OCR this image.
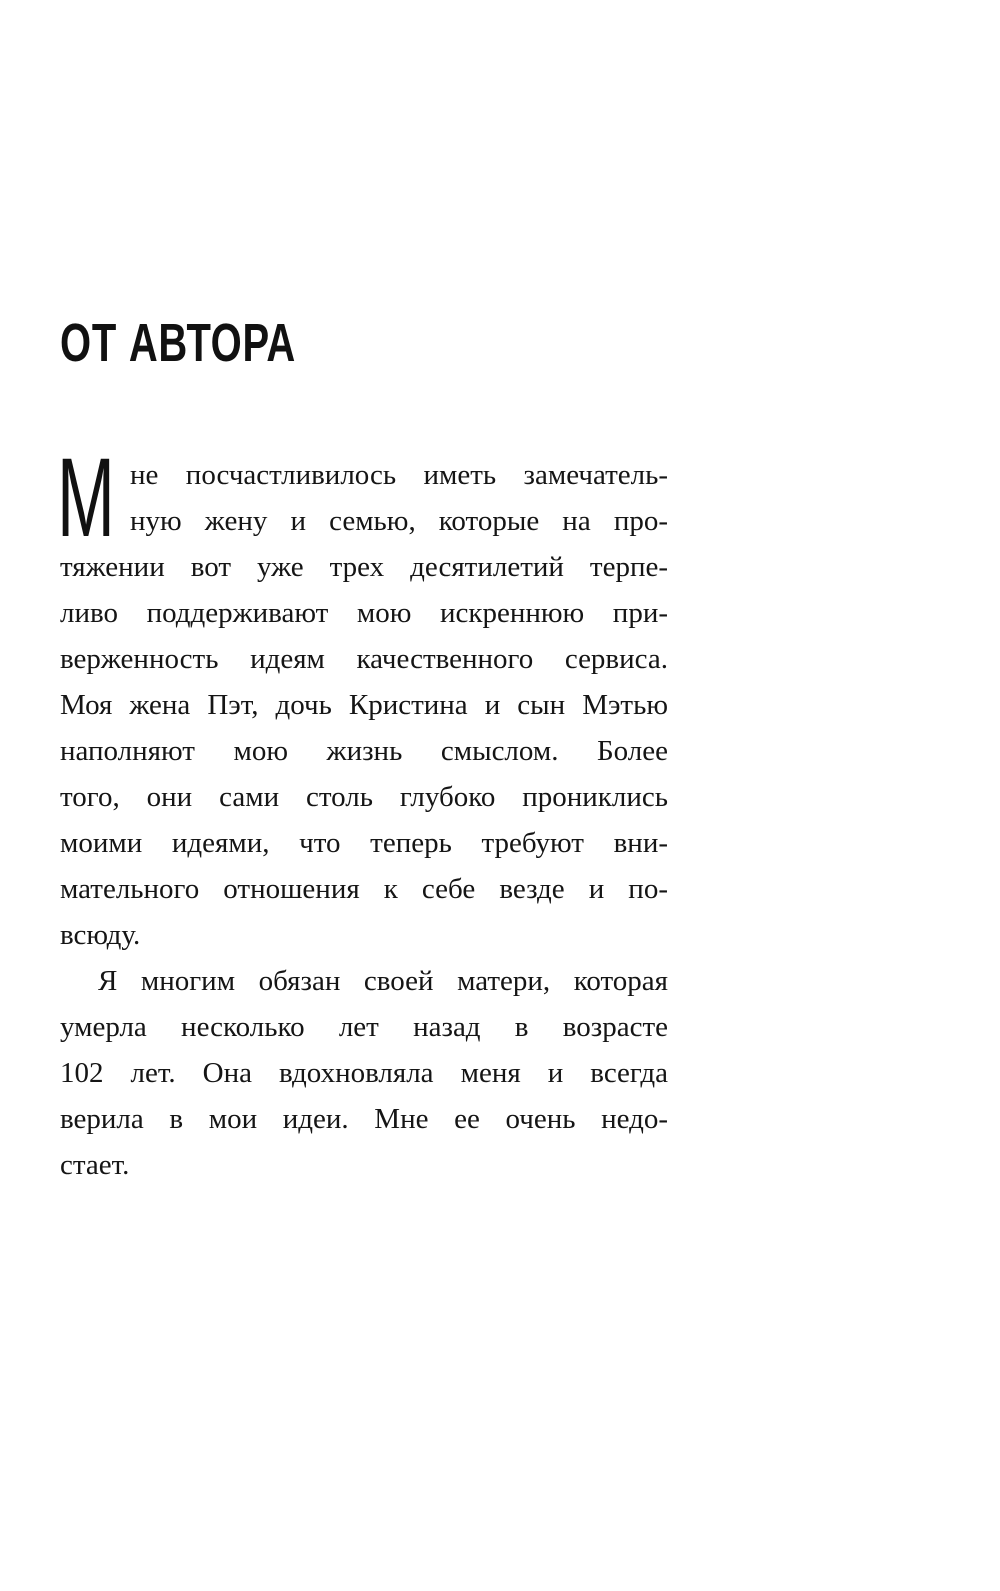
ОТ АВТОРА
М не посчастливилось иметь замечатель-
ную жену и семью, которые на про-
тяжении вот уже трех десятилетий терпе-
ливо поддерживают мою искреннюю при-
верженность идеям качественного сервиса.
Моя жена Пэт, дочь Кристина и сын Мэтью
наполняют мою жизнь смыслом. Более
того, они сами столь глубоко прониклись
моими идеями, что теперь требуют вни-
мательного отношения к себе везде и по-
всюду.
Я многим обязан своей матери, которая
умерла несколько лет назад в возрасте
102 лет. Она вдохновляла меня и всегда
верила в мои идеи. Мне ее очень недо-
стает.
